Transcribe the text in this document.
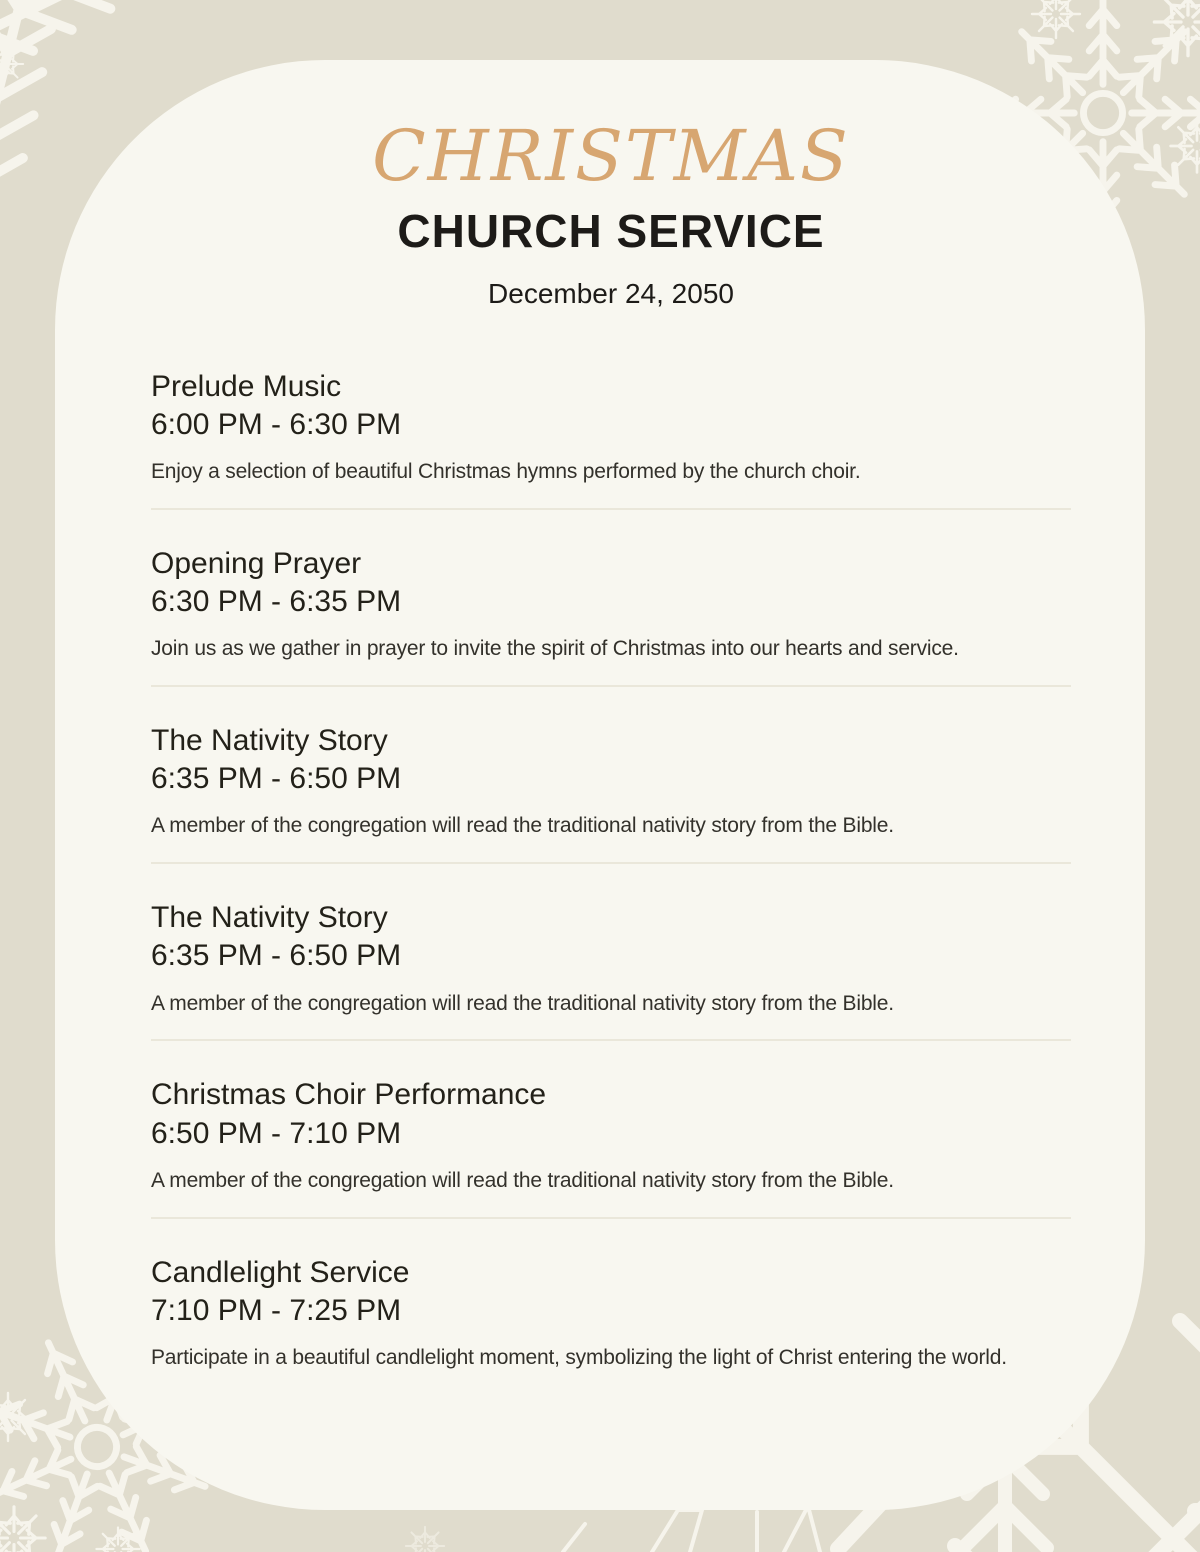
CHRISTMAS
CHURCH SERVICE
December 24, 2050
Prelude Music
6:00 PM - 6:30 PM

Enjoy a selection of beautiful Christmas hymns performed by the church choir.

Opening Prayer
6:30 PM - 6:35 PM

Join us as we gather in prayer to invite the spirit of Christmas into our hearts and service.

The Nativity Story
6:35 PM - 6:50 PM

A member of the congregation will read the traditional nativity story from the Bible.

The Nativity Story
6:35 PM - 6:50 PM

A member of the congregation will read the traditional nativity story from the Bible.

Christmas Choir Performance
6:50 PM - 7:10 PM

A member of the congregation will read the traditional nativity story from the Bible.

Candlelight Service
7:10 PM - 7:25 PM

Participate in a beautiful candlelight moment, symbolizing the light of Christ entering the world.
